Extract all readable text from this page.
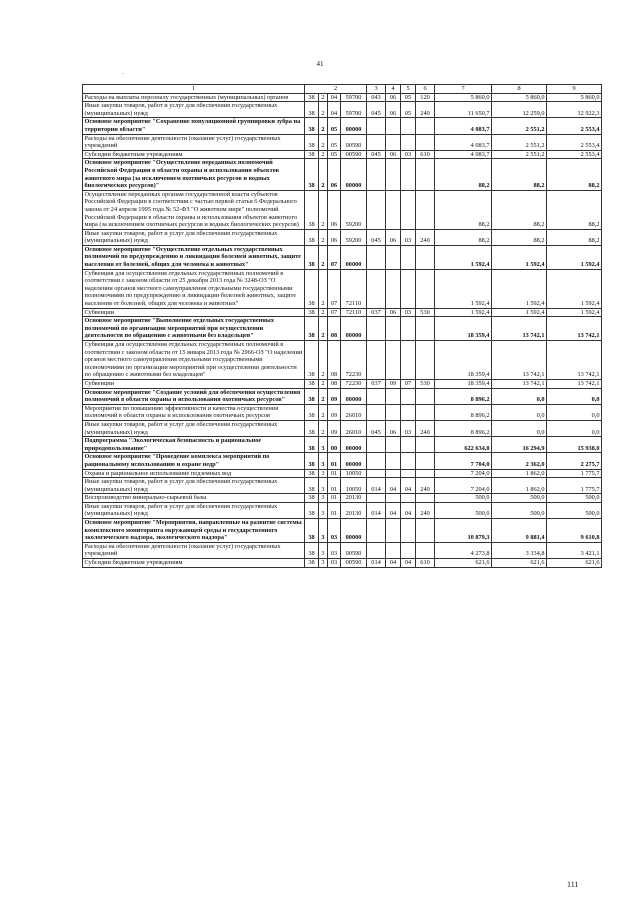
41
.
1	2				3	4	5	6	7	8	9
Расходы на выплаты персоналу государственных (муниципальных) органов	38	2	04	59700	043	06	05	120	5 860,0	5 860,0	5 860,0
Иные закупки товаров, работ и услуг для обеспечения государственных (муниципальных) нужд	38	2	04	59700	045	06	05	240	11 650,7	12 259,0	12 922,3
Основное мероприятие "Сохранение популяционной группировки зубра на территории области"	38	2	05	00000					4 083,7	2 551,2	2 553,4
Расходы на обеспечение деятельности (оказание услуг) государственных учреждений	38	2	05	00590					4 083,7	2 551,2	2 553,4
Субсидии бюджетным учреждениям	38	2	05	00590	045	06	03	610	4 083,7	2 551,2	2 553,4
Основное мероприятие "Осуществление переданных полномочий Российской Федерации в области охраны и использования объектов животного мира (за исключением охотничьих ресурсов и водных биологических ресурсов)"	38	2	06	00000					88,2	88,2	88,2
Осуществление переданных органам государственной власти субъектов Российской Федерации в соответствии с частью первой статьи 6 Федерального закона от 24 апреля 1995 года № 52-ФЗ "О животном мире" полномочий Российской Федерации в области охраны и использования объектов животного мира (за исключением охотничьих ресурсов и водных биологических ресурсов)	38	2	06	59200					88,2	88,2	88,2
Иные закупки товаров, работ и услуг для обеспечения государственных (муниципальных) нужд	38	2	06	59200	045	06	03	240	88,2	88,2	88,2
Основное мероприятие "Осуществление отдельных государственных полномочий по предупреждению и ликвидации болезней животных, защите населения от болезней, общих для человека и животных"	38	2	07	00000					1 592,4	1 592,4	1 592,4
Субвенция для осуществления отдельных государственных полномочий в соответствии с законом области от 25 декабря 2013 года № 3248-ОЗ "О наделении органов местного самоуправления отдельными государственными полномочиями по предупреждению и ликвидации болезней животных, защите населения от болезней, общих для человека и животных"	38	2	07	72110					1 592,4	1 592,4	1 592,4
Субвенции	38	2	07	72110	037	06	03	530	1 592,4	1 592,4	1 592,4
Основное мероприятие "Выполнение отдельных государственных полномочий по организации мероприятий при осуществлении деятельности по обращению с животными без владельцев"	38	2	08	00000					18 359,4	13 742,1	13 742,1
Субвенция для осуществления отдельных государственных полномочий в соответствии с законом области от 15 января 2013 года № 2966-ОЗ "О наделении органов местного самоуправления отдельными государственными полномочиями по организации мероприятий при осуществлении деятельности по обращению с животными без владельцев"	38	2	08	72230					18 359,4	13 742,1	13 742,1
Субвенции	38	2	08	72230	037	09	07	530	18 359,4	13 742,1	13 742,1
Основное мероприятие "Создание условий для обеспечения осуществления полномочий в области охраны и использования охотничьих ресурсов"	38	2	09	00000					8 896,2	0,0	0,0
Мероприятия по повышению эффективности и качества осуществления полномочий в области охраны и использования охотничьих ресурсов	38	2	09	26010					8 896,2	0,0	0,0
Иные закупки товаров, работ и услуг для обеспечения государственных (муниципальных) нужд	38	2	09	26010	045	06	03	240	8 896,2	0,0	0,0
Подпрограмма "Экологическая безопасность и рациональное природопользование"	38	3	00	00000					622 634,8	16 294,9	15 938,0
Основное мероприятие "Проведение комплекса мероприятий по рациональному использованию и охране недр"	38	3	01	00000					7 704,0	2 362,0	2 275,7
Охрана и рациональное использование подземных вод	38	3	01	10050					7 204,0	1 862,0	1 775,7
Иные закупки товаров, работ и услуг для обеспечения государственных (муниципальных) нужд	38	3	01	10050	014	04	04	240	7 204,0	1 862,0	1 775,7
Воспроизводство минерально-сырьевой базы	38	3	01	20130					500,0	500,0	500,0
Иные закупки товаров, работ и услуг для обеспечения государственных (муниципальных) нужд	38	3	01	20130	014	04	04	240	500,0	500,0	500,0
Основное мероприятие "Мероприятия, направленные на развитие системы комплексного мониторинга окружающей среды и государственного экологического надзора, экологического надзора"	38	3	03	00000					10 879,3	9 881,4	9 610,8
Расходы на обеспечение деятельности (оказание услуг) государственных учреждений	38	3	03	00590					4 273,8	3 334,8	3 421,1
Субсидии бюджетным учреждениям	38	3	03	00590	014	04	04	610	621,6	621,6	621,6
111
